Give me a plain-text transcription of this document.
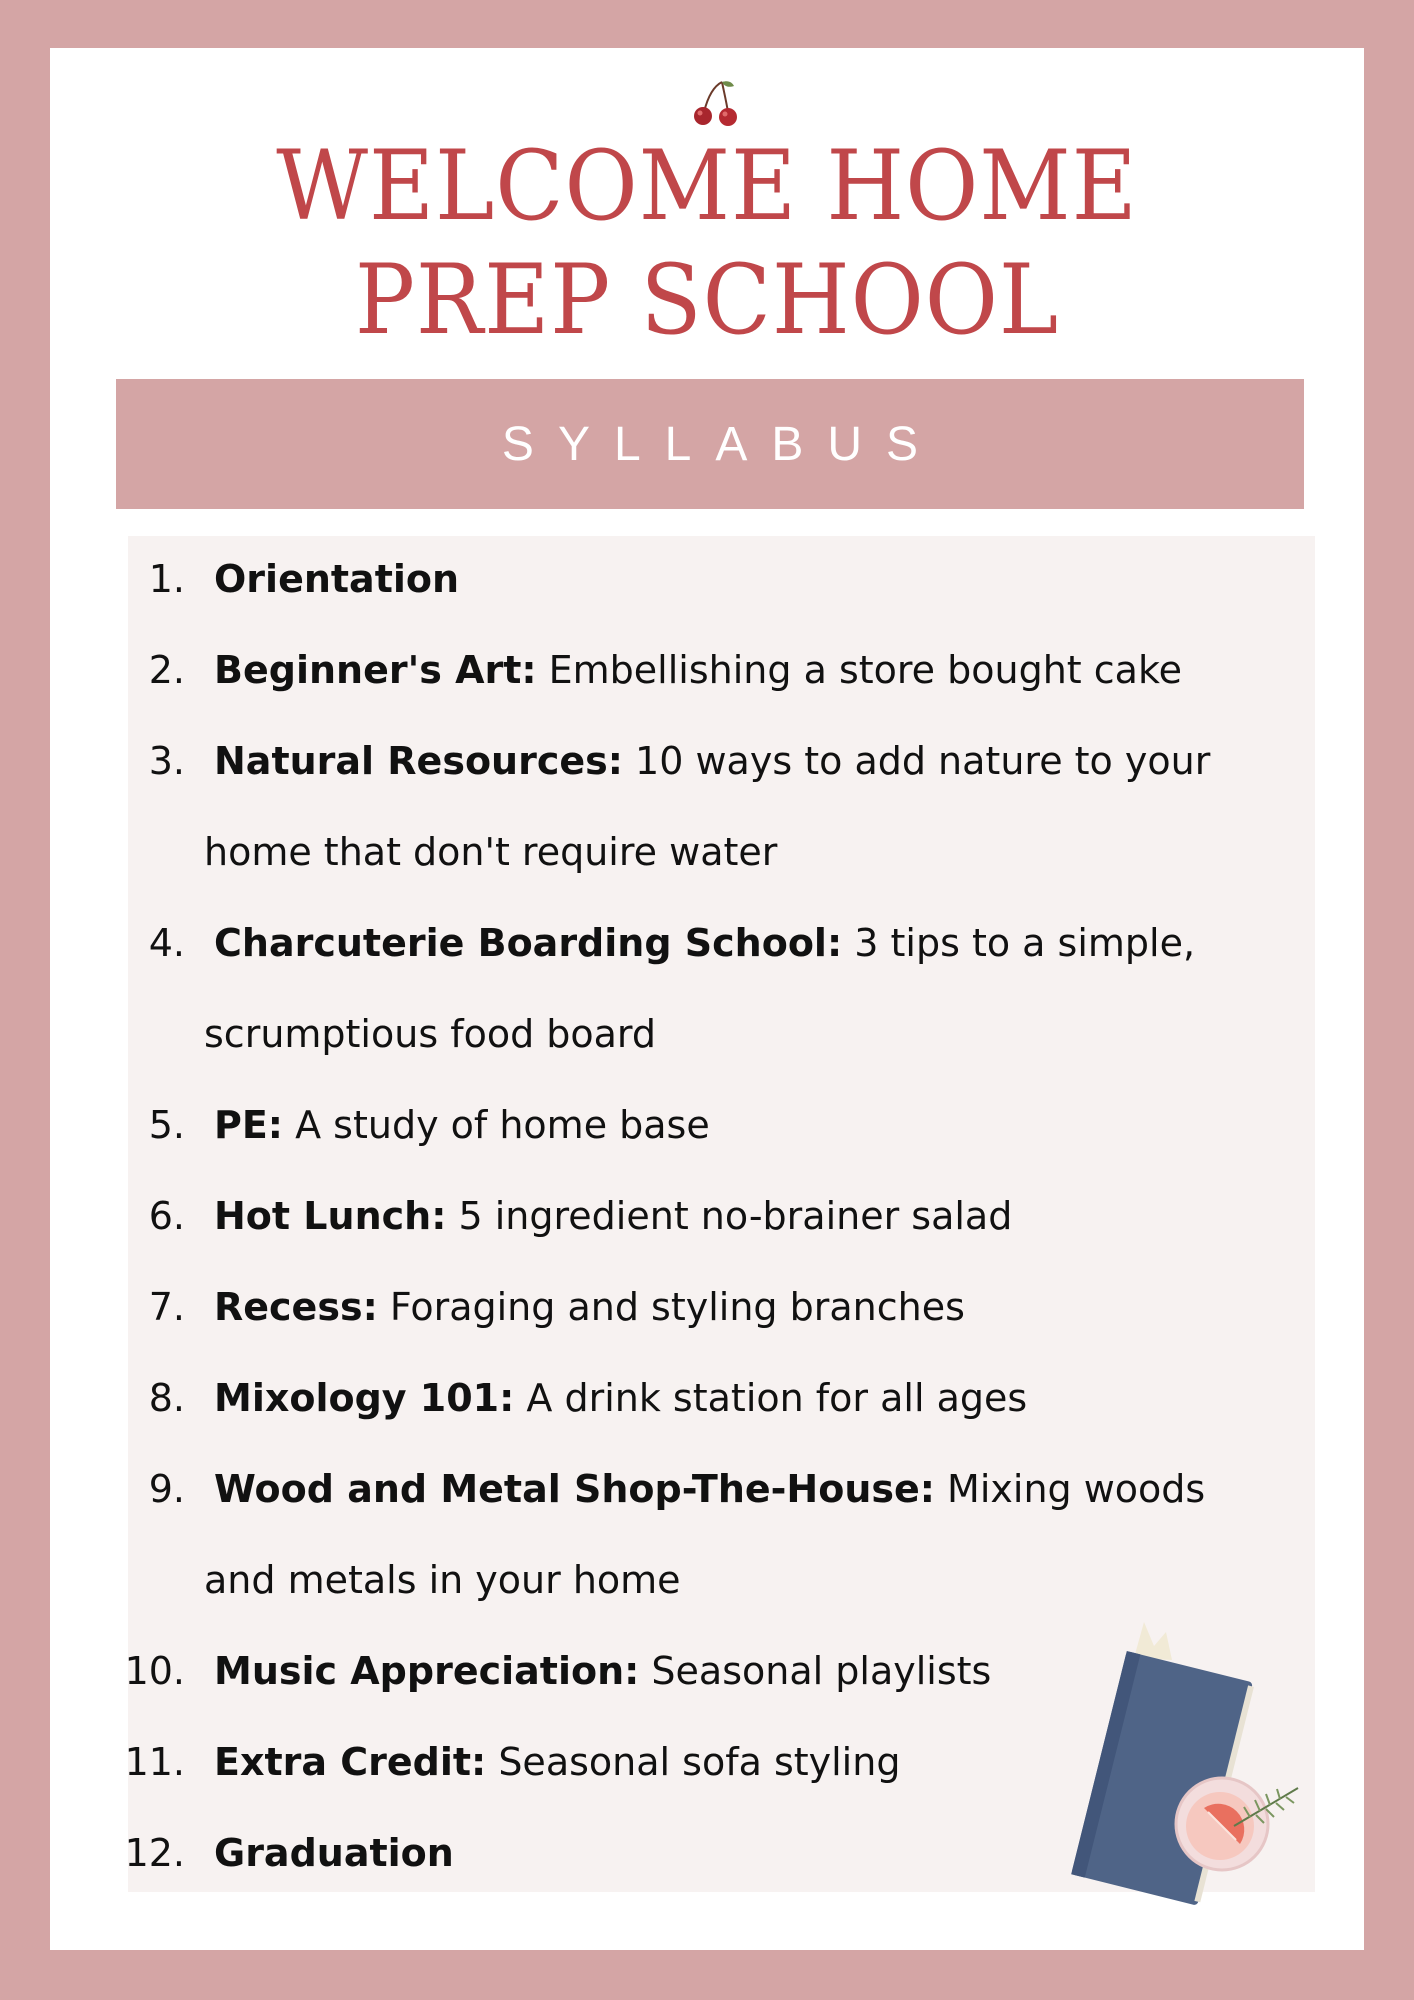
WELCOME HOME
PREP SCHOOL
SYLLABUS
1. Orientation
2. Beginner's Art: Embellishing a store bought cake
3. Natural Resources: 10 ways to add nature to your
home that don't require water
4. Charcuterie Boarding School: 3 tips to a simple,
scrumptious food board
5. PE: A study of home base
6. Hot Lunch: 5 ingredient no-brainer salad
7. Recess: Foraging and styling branches
8. Mixology 101: A drink station for all ages
9. Wood and Metal Shop-The-House: Mixing woods
and metals in your home
10. Music Appreciation: Seasonal playlists
11. Extra Credit: Seasonal sofa styling
12. Graduation
